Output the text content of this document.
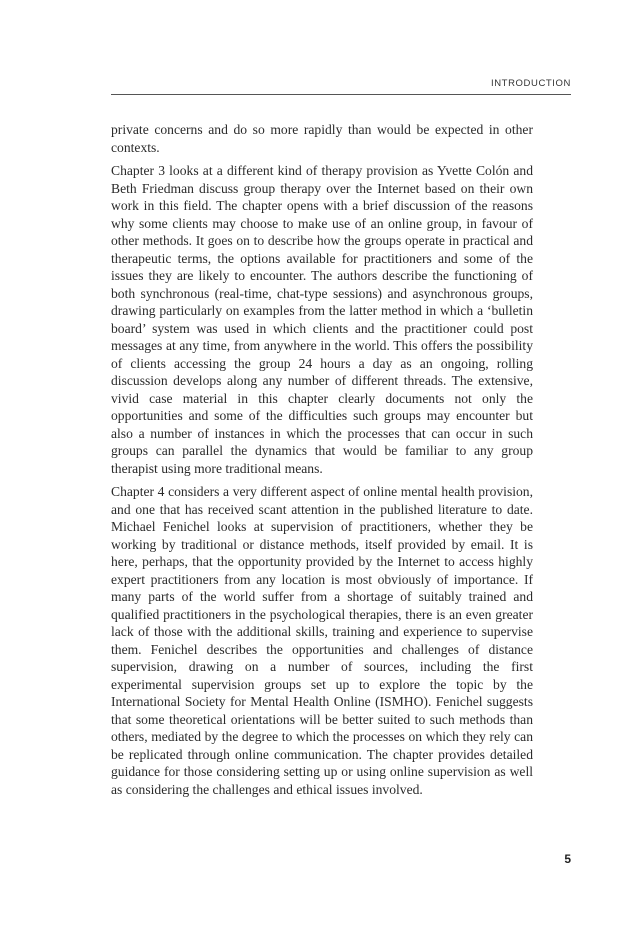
INTRODUCTION

private concerns and do so more rapidly than would be expected in other contexts.

Chapter 3 looks at a different kind of therapy provision as Yvette Colón and Beth Friedman discuss group therapy over the Internet based on their own work in this field. The chapter opens with a brief discussion of the reasons why some clients may choose to make use of an online group, in favour of other methods. It goes on to describe how the groups operate in practical and therapeutic terms, the options available for practitioners and some of the issues they are likely to encounter. The authors describe the functioning of both synchronous (real-time, chat-type sessions) and asynchronous groups, drawing particularly on examples from the latter method in which a ‘bulletin board’ system was used in which clients and the practitioner could post messages at any time, from anywhere in the world. This offers the possibility of clients accessing the group 24 hours a day as an ongoing, rolling discussion develops along any number of different threads. The extensive, vivid case material in this chapter clearly documents not only the opportunities and some of the difficulties such groups may encounter but also a number of instances in which the processes that can occur in such groups can parallel the dynamics that would be familiar to any group therapist using more traditional means.

Chapter 4 considers a very different aspect of online mental health provision, and one that has received scant attention in the published literature to date. Michael Fenichel looks at supervision of practitioners, whether they be working by traditional or distance methods, itself provided by email. It is here, perhaps, that the opportunity provided by the Internet to access highly expert practitioners from any location is most obviously of importance. If many parts of the world suffer from a shortage of suitably trained and qualified practitioners in the psychological therapies, there is an even greater lack of those with the additional skills, training and experience to supervise them. Fenichel describes the opportunities and challenges of distance supervision, drawing on a number of sources, including the first experimental supervision groups set up to explore the topic by the International Society for Mental Health Online (ISMHO). Fenichel suggests that some theoretical orientations will be better suited to such methods than others, mediated by the degree to which the processes on which they rely can be replicated through online communication. The chapter provides detailed guidance for those considering setting up or using online supervision as well as considering the challenges and ethical issues involved.

5
